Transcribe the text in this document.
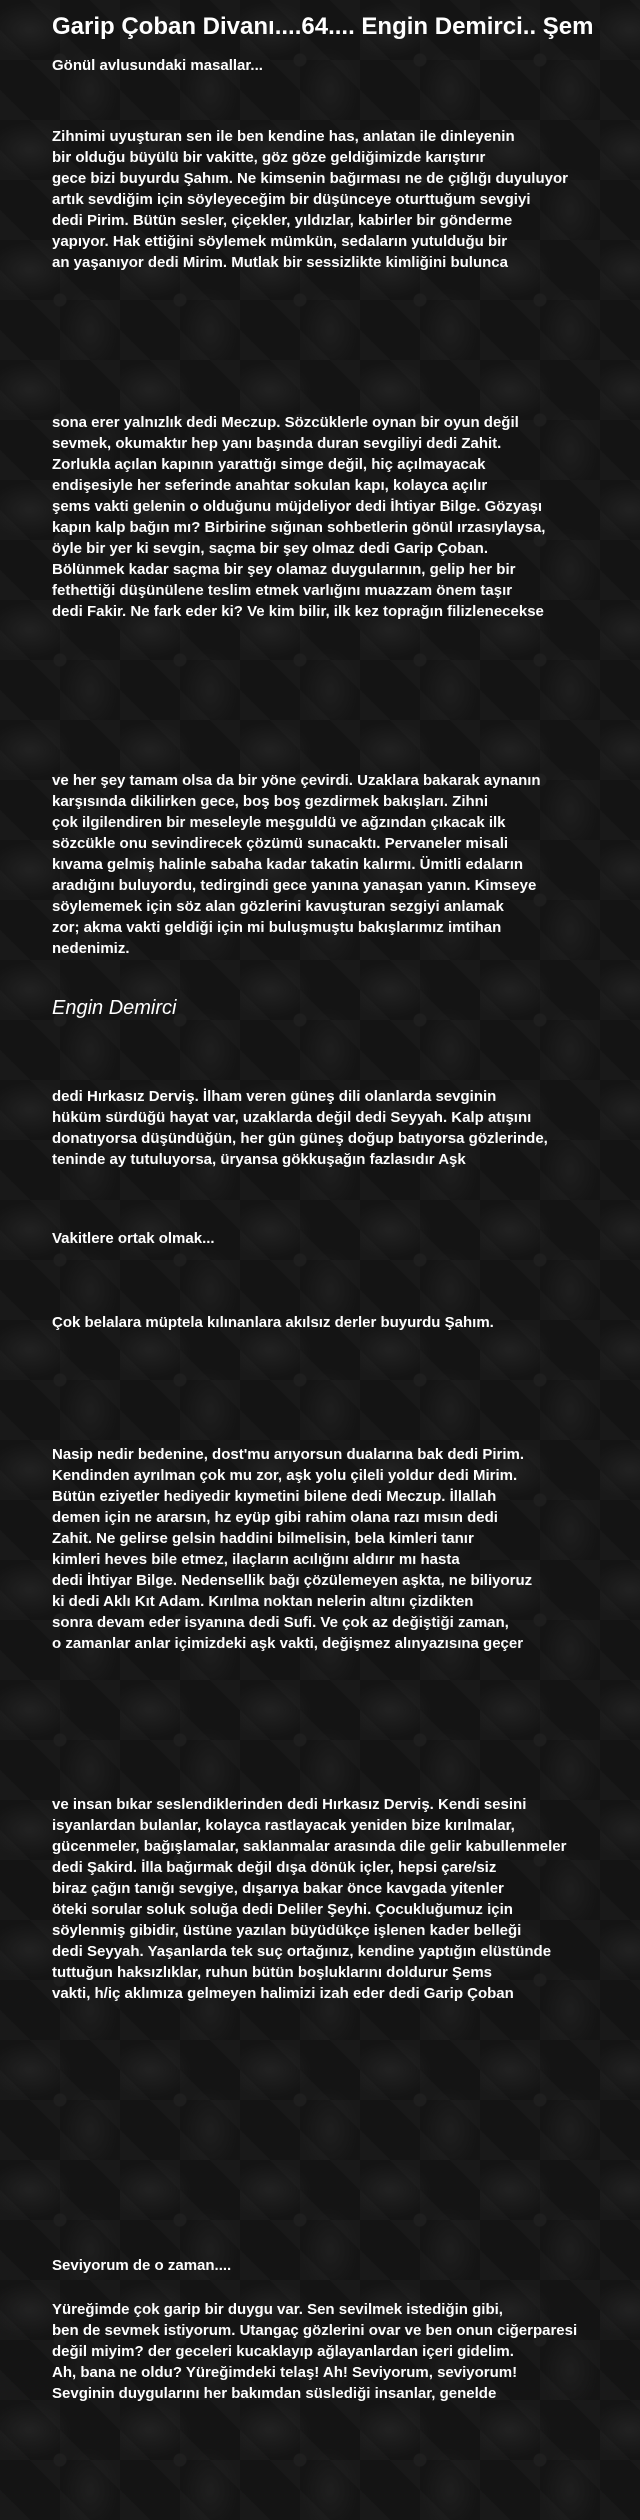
Garip Çoban Divanı....64.... Engin Demirci.. Şem
Gönül avlusundaki masallar...
Zihnimi uyuşturan sen ile ben kendine has, anlatan ile dinleyenin
bir olduğu büyülü bir vakitte, göz göze geldiğimizde karıştırır
gece bizi buyurdu Şahım. Ne kimsenin bağırması ne de çığlığı duyuluyor
artık sevdiğim için söyleyeceğim bir düşünceye oturttuğum sevgiyi
dedi Pirim. Bütün sesler, çiçekler, yıldızlar, kabirler bir gönderme
yapıyor. Hak ettiğini söylemek mümkün, sedaların yutulduğu bir
an yaşanıyor dedi Mirim. Mutlak bir sessizlikte kimliğini bulunca
sona erer yalnızlık dedi Meczup. Sözcüklerle oynan bir oyun değil
sevmek, okumaktır hep yanı başında duran sevgiliyi dedi Zahit.
Zorlukla açılan kapının yarattığı simge değil, hiç açılmayacak
endişesiyle her seferinde anahtar sokulan kapı, kolayca açılır
şems vakti gelenin o olduğunu müjdeliyor dedi İhtiyar Bilge. Gözyaşı
kapın kalp bağın mı? Birbirine sığınan sohbetlerin gönül ırzasıylaysa,
öyle bir yer ki sevgin, saçma bir şey olmaz dedi Garip Çoban.
Bölünmek kadar saçma bir şey olamaz duygularının, gelip her bir
fethettiği düşünülene teslim etmek varlığını muazzam önem taşır
dedi Fakir. Ne fark eder ki? Ve kim bilir, ilk kez toprağın filizlenecekse
ve her şey tamam olsa da bir yöne çevirdi. Uzaklara bakarak aynanın
karşısında dikilirken gece, boş boş gezdirmek bakışları. Zihni
çok ilgilendiren bir meseleyle meşguldü ve ağzından çıkacak ilk
sözcükle onu sevindirecek çözümü sunacaktı. Pervaneler misali
kıvama gelmiş halinle sabaha kadar takatin kalırmı. Ümitli edaların
aradığını buluyordu, tedirgindi gece yanına yanaşan yanın. Kimseye
söylememek için söz alan gözlerini kavuşturan sezgiyi anlamak
zor; akma vakti geldiği için mi buluşmuştu bakışlarımız imtihan
nedenimiz.
Engin Demirci
dedi Hırkasız Derviş. İlham veren güneş dili olanlarda sevginin
hüküm sürdüğü hayat var, uzaklarda değil dedi Seyyah. Kalp atışını
donatıyorsa düşündüğün, her gün güneş doğup batıyorsa gözlerinde,
teninde ay tutuluyorsa, üryansa gökkuşağın fazlasıdır Aşk
Vakitlere ortak olmak...
Çok belalara müptela kılınanlara akılsız derler buyurdu Şahım.
Nasip nedir bedenine, dost'mu arıyorsun dualarına bak dedi Pirim.
Kendinden ayrılman çok mu zor, aşk yolu çileli yoldur dedi Mirim.
Bütün eziyetler hediyedir kıymetini bilene dedi Meczup. İllallah
demen için ne ararsın, hz eyüp gibi rahim olana razı mısın dedi
Zahit. Ne gelirse gelsin haddini bilmelisin, bela kimleri tanır
kimleri heves bile etmez, ilaçların acılığını aldırır mı hasta
dedi İhtiyar Bilge. Nedensellik bağı çözülemeyen aşkta, ne biliyoruz
ki dedi Aklı Kıt Adam. Kırılma noktan nelerin altını çizdikten
sonra devam eder isyanına dedi Sufi. Ve çok az değiştiği zaman,
o zamanlar anlar içimizdeki aşk vakti, değişmez alınyazısına geçer
ve insan bıkar seslendiklerinden dedi Hırkasız Derviş. Kendi sesini
isyanlardan bulanlar, kolayca rastlayacak yeniden bize kırılmalar,
gücenmeler, bağışlamalar, saklanmalar arasında dile gelir kabullenmeler
dedi Şakird. İlla bağırmak değil dışa dönük içler, hepsi çare/siz
biraz çağın tanığı sevgiye, dışarıya bakar önce kavgada yitenler
öteki sorular soluk soluğa dedi Deliler Şeyhi. Çocukluğumuz için
söylenmiş gibidir, üstüne yazılan büyüdükçe işlenen kader belleği
dedi Seyyah. Yaşanlarda tek suç ortağınız, kendine yaptığın elüstünde
tuttuğun haksızlıklar, ruhun bütün boşluklarını doldurur Şems
vakti, h/iç aklımıza gelmeyen halimizi izah eder dedi Garip Çoban
Seviyorum de o zaman....
Yüreğimde çok garip bir duygu var. Sen sevilmek istediğin gibi,
ben de sevmek istiyorum. Utangaç gözlerini ovar ve ben onun ciğerparesi
değil miyim? der geceleri kucaklayıp ağlayanlardan içeri gidelim.
Ah, bana ne oldu? Yüreğimdeki telaş! Ah! Seviyorum, seviyorum!
Sevginin duygularını her bakımdan süslediği insanlar, genelde
